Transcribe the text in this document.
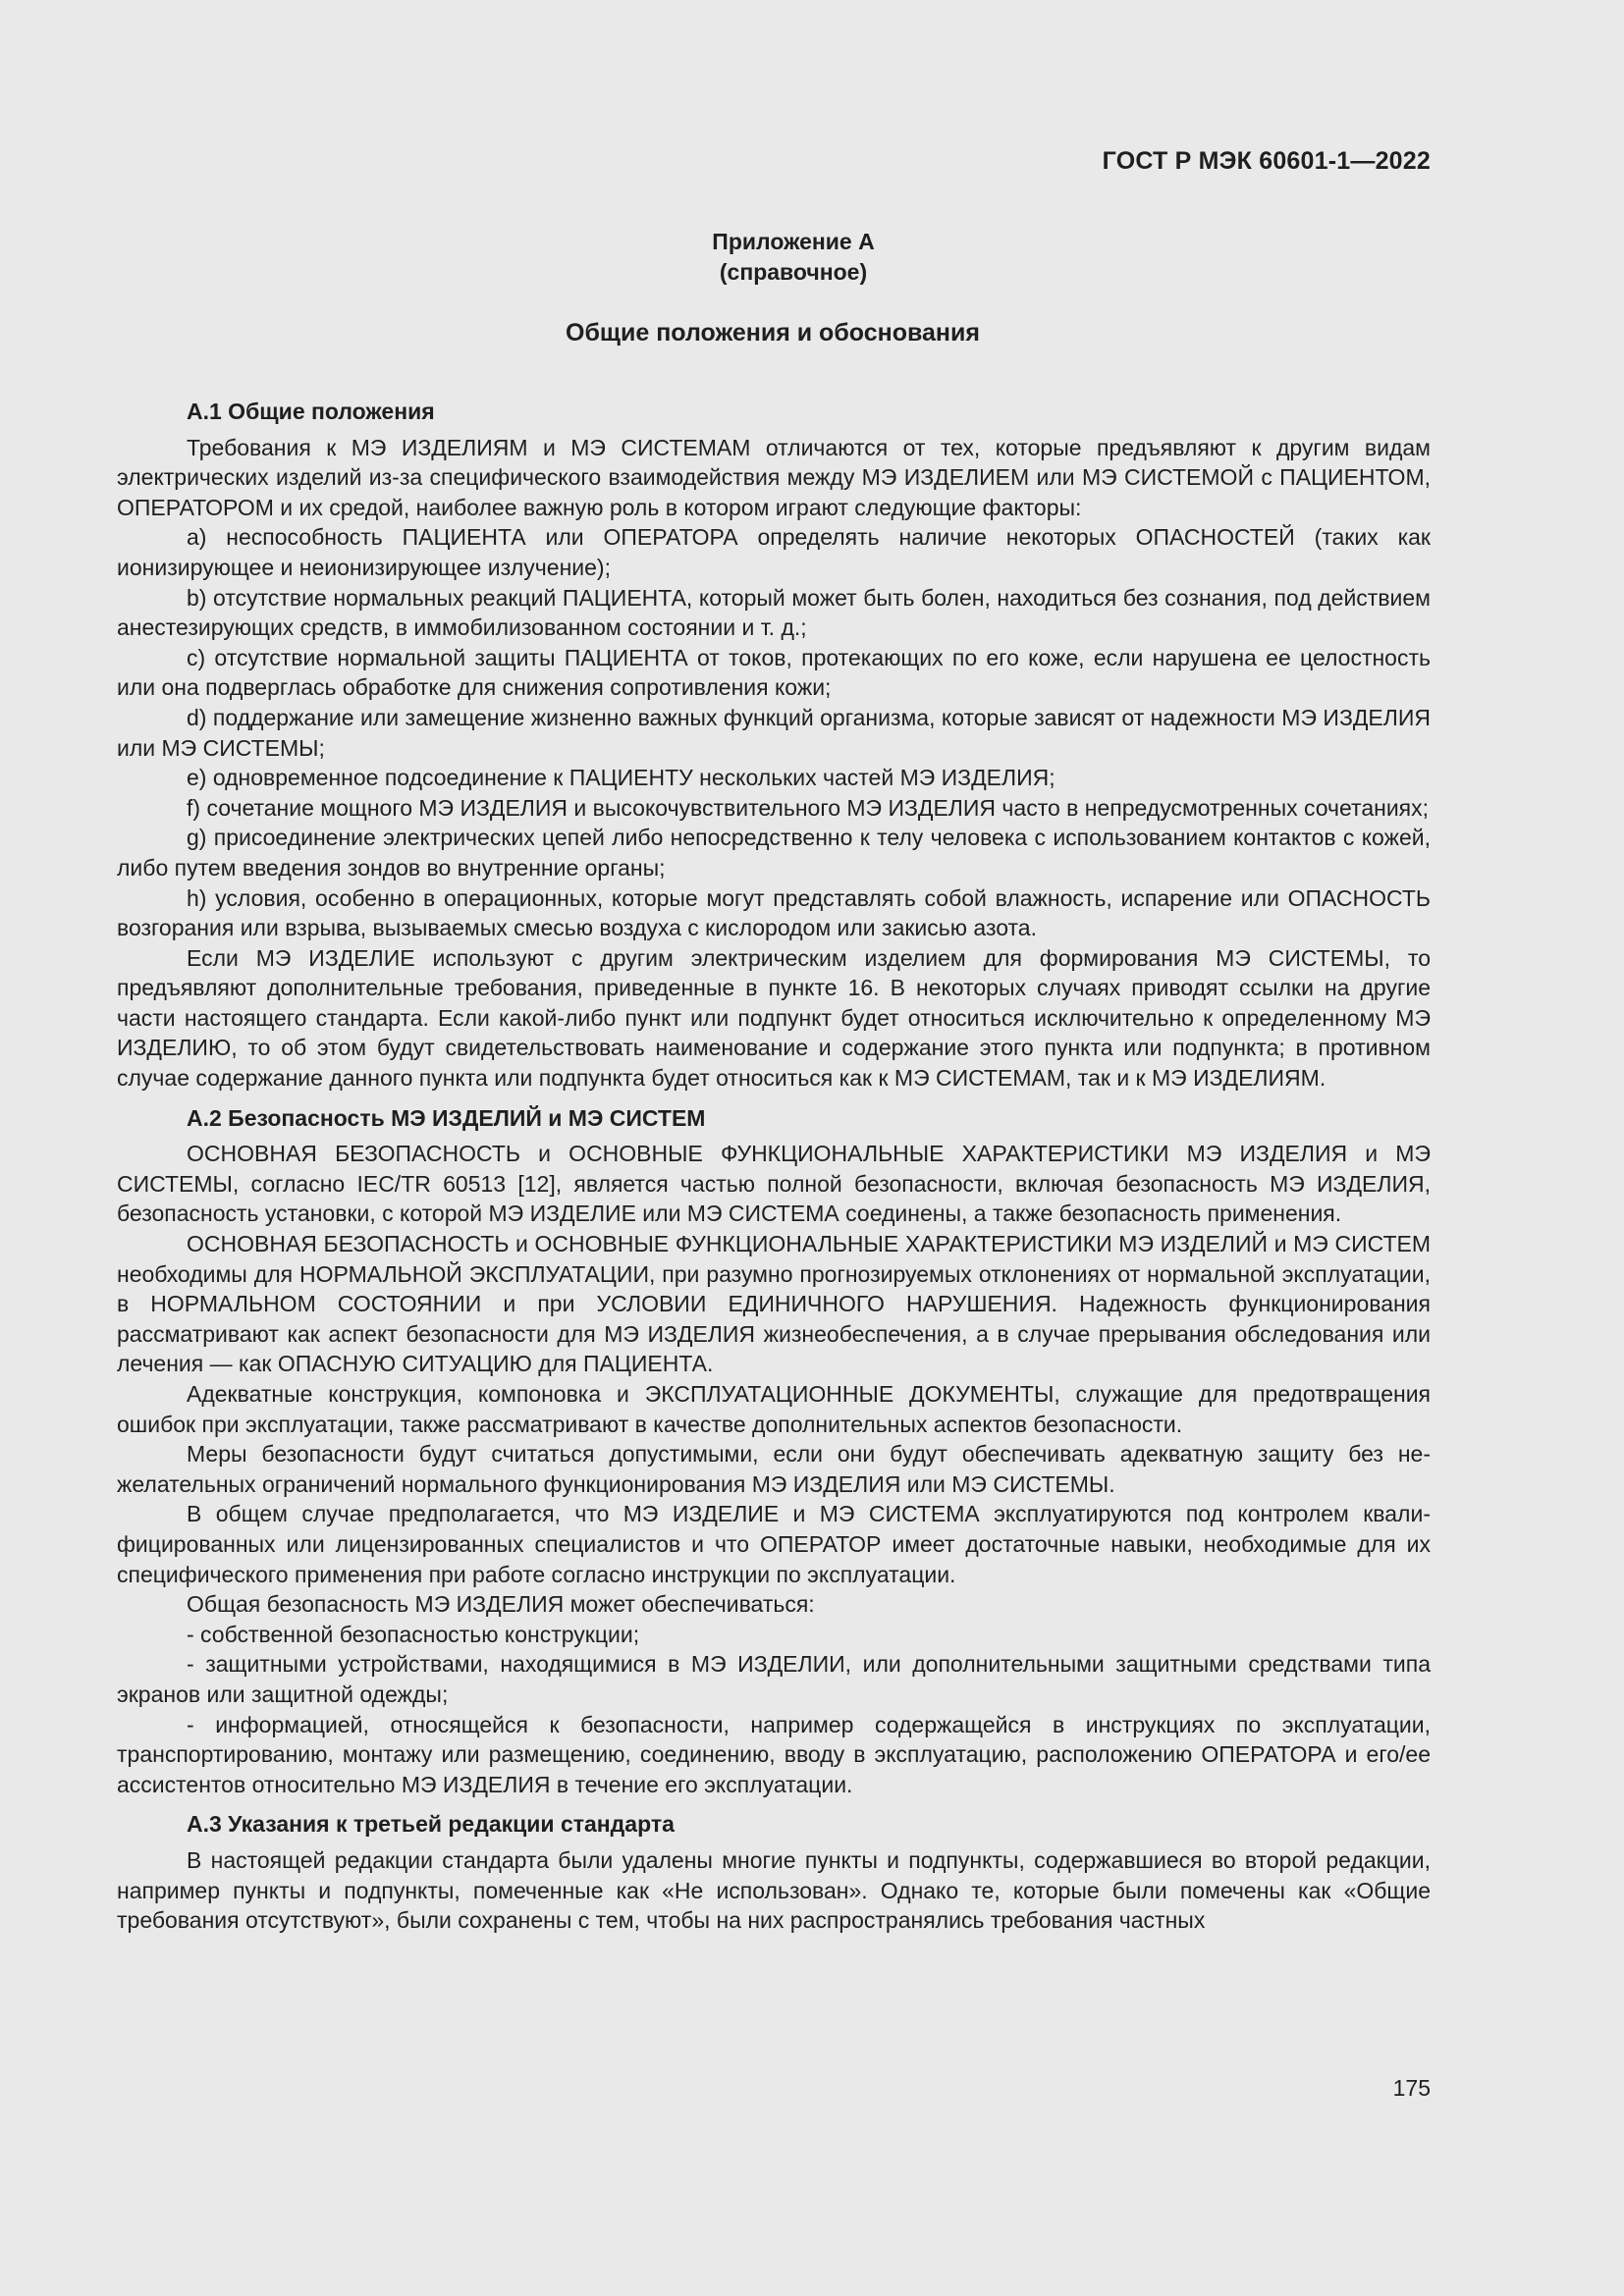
ГОСТ Р МЭК 60601-1—2022
Приложение А
(справочное)
Общие положения и обоснования
А.1 Общие положения

Требования к МЭ ИЗДЕЛИЯМ и МЭ СИСТЕМАМ отличаются от тех, которые предъявляют к другим видам электрических изделий из-за специфического взаимодействия между МЭ ИЗДЕЛИЕМ или МЭ СИСТЕМОЙ с ПАЦИЕНТОМ, ОПЕРАТОРОМ и их средой, наиболее важную роль в котором играют следующие факторы:

a) неспособность ПАЦИЕНТА или ОПЕРАТОРА определять наличие некоторых ОПАСНОСТЕЙ (таких как ионизирующее и неионизирующее излучение);

b) отсутствие нормальных реакций ПАЦИЕНТА, который может быть болен, находиться без сознания, под действием анестезирующих средств, в иммобилизованном состоянии и т. д.;

c) отсутствие нормальной защиты ПАЦИЕНТА от токов, протекающих по его коже, если нарушена ее целостность или она подверглась обработке для снижения сопротивления кожи;

d) поддержание или замещение жизненно важных функций организма, которые зависят от надежности МЭ ИЗДЕЛИЯ или МЭ СИСТЕМЫ;

e) одновременное подсоединение к ПАЦИЕНТУ нескольких частей МЭ ИЗДЕЛИЯ;

f) сочетание мощного МЭ ИЗДЕЛИЯ и высокочувствительного МЭ ИЗДЕЛИЯ часто в непредусмотренных сочетаниях;

g) присоединение электрических цепей либо непосредственно к телу человека с использованием контактов с кожей, либо путем введения зондов во внутренние органы;

h) условия, особенно в операционных, которые могут представлять собой влажность, испарение или ОПАСНОСТЬ возгорания или взрыва, вызываемых смесью воздуха с кислородом или закисью азота.

Если МЭ ИЗДЕЛИЕ используют с другим электрическим изделием для формирования МЭ СИСТЕМЫ, то предъявляют дополнительные требования, приведенные в пункте 16. В некоторых случаях приводят ссылки на другие части настоящего стандарта. Если какой-либо пункт или подпункт будет относиться исключительно к определенному МЭ ИЗДЕЛИЮ, то об этом будут свидетельствовать наименование и содержание этого пункта или подпункта; в противном случае содержание данного пункта или подпункта будет относиться как к МЭ СИСТЕМАМ, так и к МЭ ИЗДЕЛИЯМ.

А.2 Безопасность МЭ ИЗДЕЛИЙ и МЭ СИСТЕМ

ОСНОВНАЯ БЕЗОПАСНОСТЬ и ОСНОВНЫЕ ФУНКЦИОНАЛЬНЫЕ ХАРАКТЕРИСТИКИ МЭ ИЗДЕЛИЯ и МЭ СИСТЕМЫ, согласно IEC/TR 60513 [12], является частью полной безопасности, включая безопасность МЭ ИЗДЕЛИЯ, безопасность установки, с которой МЭ ИЗДЕЛИЕ или МЭ СИСТЕМА соединены, а также безопасность применения.

ОСНОВНАЯ БЕЗОПАСНОСТЬ и ОСНОВНЫЕ ФУНКЦИОНАЛЬНЫЕ ХАРАКТЕРИСТИКИ МЭ ИЗДЕЛИЙ и МЭ СИСТЕМ необходимы для НОРМАЛЬНОЙ ЭКСПЛУАТАЦИИ, при разумно прогнозируемых отклонениях от нормальной эксплуатации, в НОРМАЛЬНОМ СОСТОЯНИИ и при УСЛОВИИ ЕДИНИЧНОГО НАРУШЕНИЯ. Надежность функционирования рассматривают как аспект безопасности для МЭ ИЗДЕЛИЯ жизнеобеспечения, а в случае прерывания обследования или лечения — как ОПАСНУЮ СИТУАЦИЮ для ПАЦИЕНТА.

Адекватные конструкция, компоновка и ЭКСПЛУАТАЦИОННЫЕ ДОКУМЕНТЫ, служащие для предотвращения ошибок при эксплуатации, также рассматривают в качестве дополнительных аспектов безопасности.

Меры безопасности будут считаться допустимыми, если они будут обеспечивать адекватную защиту без нежелательных ограничений нормального функционирования МЭ ИЗДЕЛИЯ или МЭ СИСТЕМЫ.

В общем случае предполагается, что МЭ ИЗДЕЛИЕ и МЭ СИСТЕМА эксплуатируются под контролем квалифицированных или лицензированных специалистов и что ОПЕРАТОР имеет достаточные навыки, необходимые для их специфического применения при работе согласно инструкции по эксплуатации.

Общая безопасность МЭ ИЗДЕЛИЯ может обеспечиваться:

- собственной безопасностью конструкции;

- защитными устройствами, находящимися в МЭ ИЗДЕЛИИ, или дополнительными защитными средствами типа экранов или защитной одежды;

- информацией, относящейся к безопасности, например содержащейся в инструкциях по эксплуатации, транспортированию, монтажу или размещению, соединению, вводу в эксплуатацию, расположению ОПЕРАТОРА и его/ее ассистентов относительно МЭ ИЗДЕЛИЯ в течение его эксплуатации.

А.3 Указания к третьей редакции стандарта

В настоящей редакции стандарта были удалены многие пункты и подпункты, содержавшиеся во второй редакции, например пункты и подпункты, помеченные как «Не использован». Однако те, которые были помечены как «Общие требования отсутствуют», были сохранены с тем, чтобы на них распространялись требования частных

175
